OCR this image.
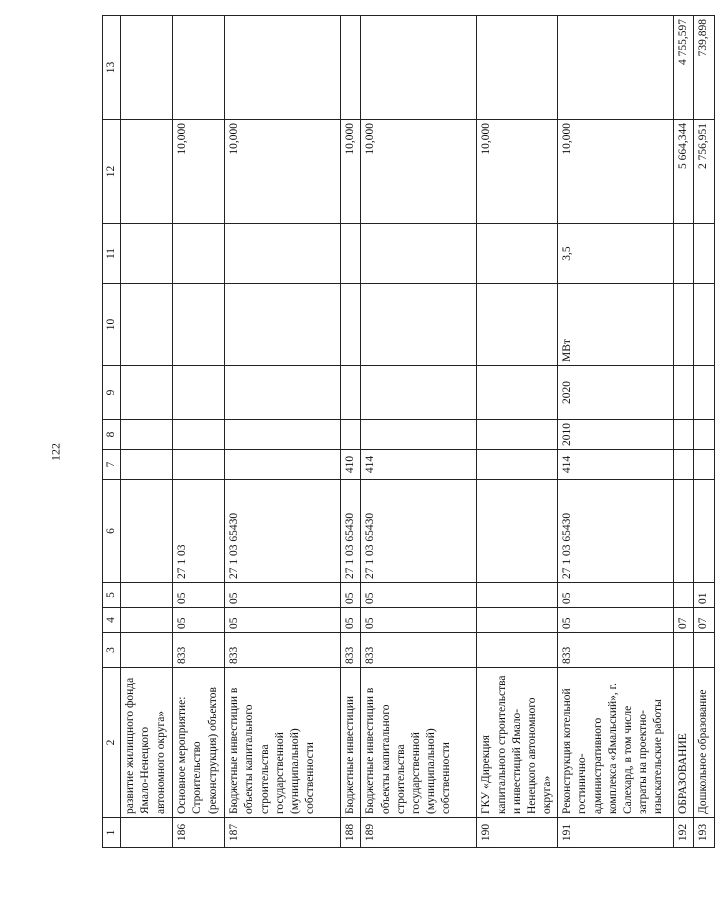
122
1	2	3	4	5	6	7	8	9	10	11	12	13
	развитие жилищного фонда Ямало-Ненецкого автономного округа»											
186	Основное мероприятие: Строительство (реконструкция) объектов	833	05	05	27 1 03						10,000	
187	Бюджетные инвестиции в объекты капитального строительства государственной (муниципальной) собственности	833	05	05	27 1 03 65430						10,000	
188	Бюджетные инвестиции	833	05	05	27 1 03 65430	410					10,000	
189	Бюджетные инвестиции в объекты капитального строительства государственной (муниципальной) собственности	833	05	05	27 1 03 65430	414					10,000	
190	ГКУ «Дирекция капитального строительства и инвестиций Ямало-Ненецкого автономного округа»										10,000	
191	Реконструкция котельной гостинично-административного комплекса «Ямальский», г. Салехард, в том числе затраты на проектно-изыскательские работы	833	05	05	27 1 03 65430	414	2010	2020	МВт	3,5	10,000	
192	ОБРАЗОВАНИЕ		07								5 664,344	4 755,597
193	Дошкольное образование		07	01							2 756,951	739,898
